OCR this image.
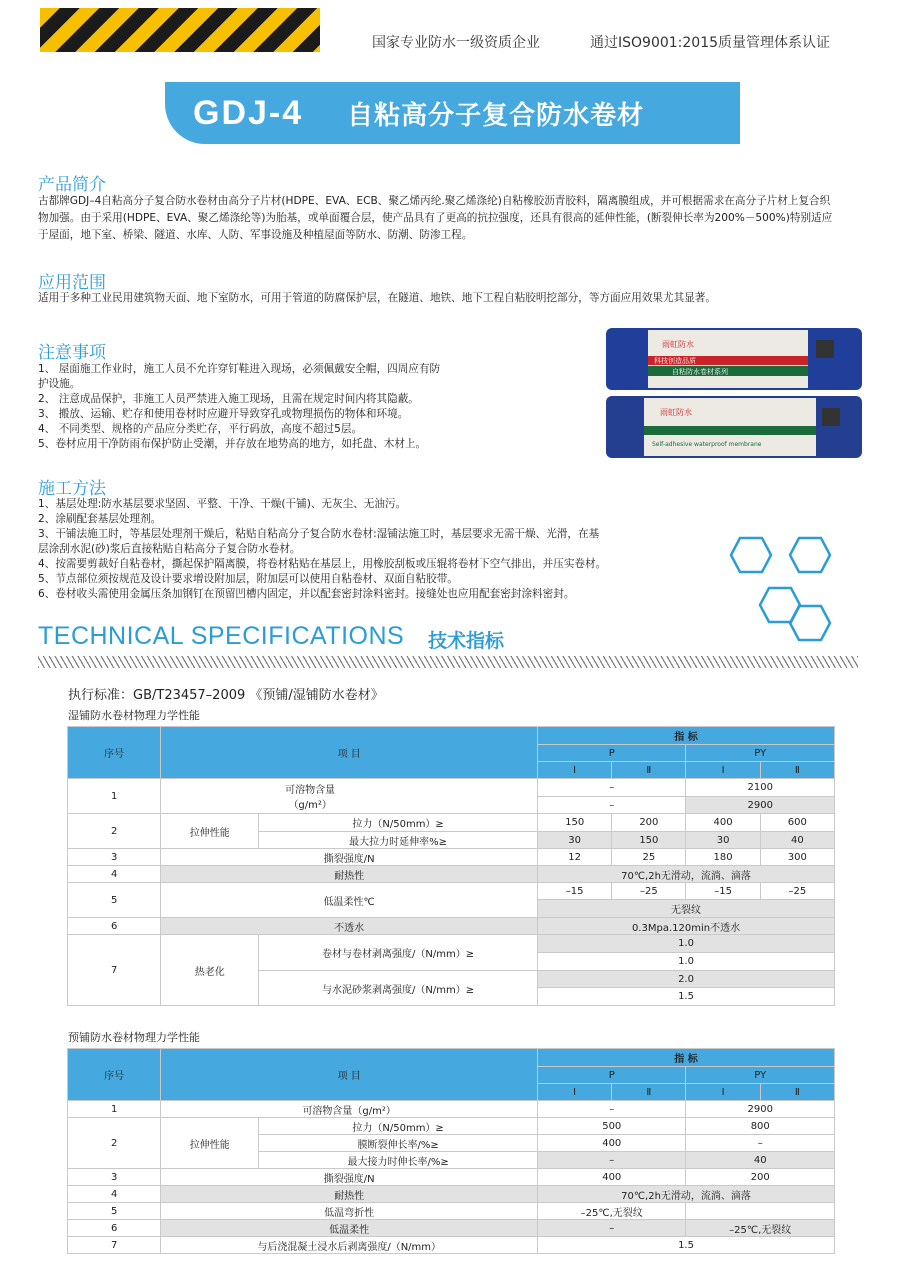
国家专业防水一级资质企业	通过ISO9001:2015质量管理体系认证
GDJ-4 自粘高分子复合防水卷材
产品简介
古都牌GDJ–4自粘高分子复合防水卷材由高分子片材(HDPE、EVA、ECB、聚乙烯丙纶.聚乙烯涤纶)自粘橡胶沥青胶料，隔离膜组成，并可根据需求在高分子片材上复合织物加强。由于采用(HDPE、EVA、聚乙烯涤纶等)为胎基，或单面覆合层，使产品具有了更高的抗拉强度，还具有很高的延伸性能，(断裂伸长率为200%－500%)特别适应于屋面，地下室、桥梁、隧道、水库、人防、军事设施及种植屋面等防水、防潮、防渗工程。
应用范围
适用于多种工业民用建筑物天面、地下室防水，可用于管道的防腐保护层，在隧道、地铁、地下工程自粘胶明挖部分，等方面应用效果尤其显著。
注意事项
1、 屋面施工作业时，施工人员不允许穿钉鞋进入现场，必须佩戴安全帽，四周应有防
护设施。
2、 注意成品保护，非施工人员严禁进入施工现场，且需在规定时间内将其隐蔽。
3、 搬放、运输、贮存和使用卷材时应避开导致穿孔或物理损伤的物体和环境。
4、 不同类型、规格的产品应分类贮存，平行码放，高度不超过5层。
5、卷材应用干净防雨布保护防止受潮，并存放在地势高的地方，如托盘、木材上。
雨虹防水
科技创造品质
自粘防水卷材系列
雨虹防水
Self-adhesive waterproof membrane
施工方法
1、基层处理:防水基层要求坚固、平整、干净、干燥(干铺)、无灰尘、无油污。
2、涂刷配套基层处理剂。
3、干铺法施工时，等基层处理剂干燥后，粘贴自粘高分子复合防水卷材:湿铺法施工时，基层要求无需干燥、光滑，在基
层涂刮水泥(砂)浆后直接粘贴自粘高分子复合防水卷材。
4、按需要剪裁好自粘卷材，撕起保护隔离膜，将卷材粘贴在基层上，用橡胶刮板或压辊将卷材下空气排出，并压实卷材。
5、节点部位须按规范及设计要求增设附加层，附加层可以使用自粘卷材、双面自粘胶带。
6、卷材收头需使用金属压条加钢钉在预留凹槽内固定，并以配套密封涂料密封。接缝处也应用配套密封涂料密封。
TECHNICAL SPECIFICATIONS 技术指标
执行标准：GB/T23457–2009 《预铺/湿铺防水卷材》
湿铺防水卷材物理力学性能
序号	项 目		指 标			
			P		PY	
			Ⅰ	Ⅱ	Ⅰ	Ⅱ
1	可溶物含量
（g/m²）		–		2100	
			–		2900	
2	拉伸性能	拉力（N/50mm）≥	150	200	400	600
		最大拉力时延伸率%≥	30	150	30	40
3	撕裂强度/N		12	25	180	300
4	耐热性		70℃,2h无滑动，流淌、滴落			
5	低温柔性℃		–15	–25	–15	–25
			无裂纹			
6	不透水		0.3Mpa.120min不透水			
7	热老化	卷材与卷材剥离强度/（N/mm）≥	1.0			
			1.0			
		与水泥砂浆剥离强度/（N/mm）≥	2.0			
			1.5			
预铺防水卷材物理力学性能
序号	项 目		指 标			
			P		PY	
			Ⅰ	Ⅱ	Ⅰ	Ⅱ
1	可溶物含量（g/m²）		–		2900	
2	拉伸性能	拉力（N/50mm）≥	500		800	
		膜断裂伸长率/%≥	400		–	
		最大接力时伸长率/%≥	–		40	
3	撕裂强度/N		400		200	
4	耐热性		70℃,2h无滑动，流淌、滴落			
5	低温弯折性		–25℃,无裂纹			
6	低温柔性		–		–25℃,无裂纹	
7	与后浇混凝土浸水后剥离强度/（N/mm）		1.5			
